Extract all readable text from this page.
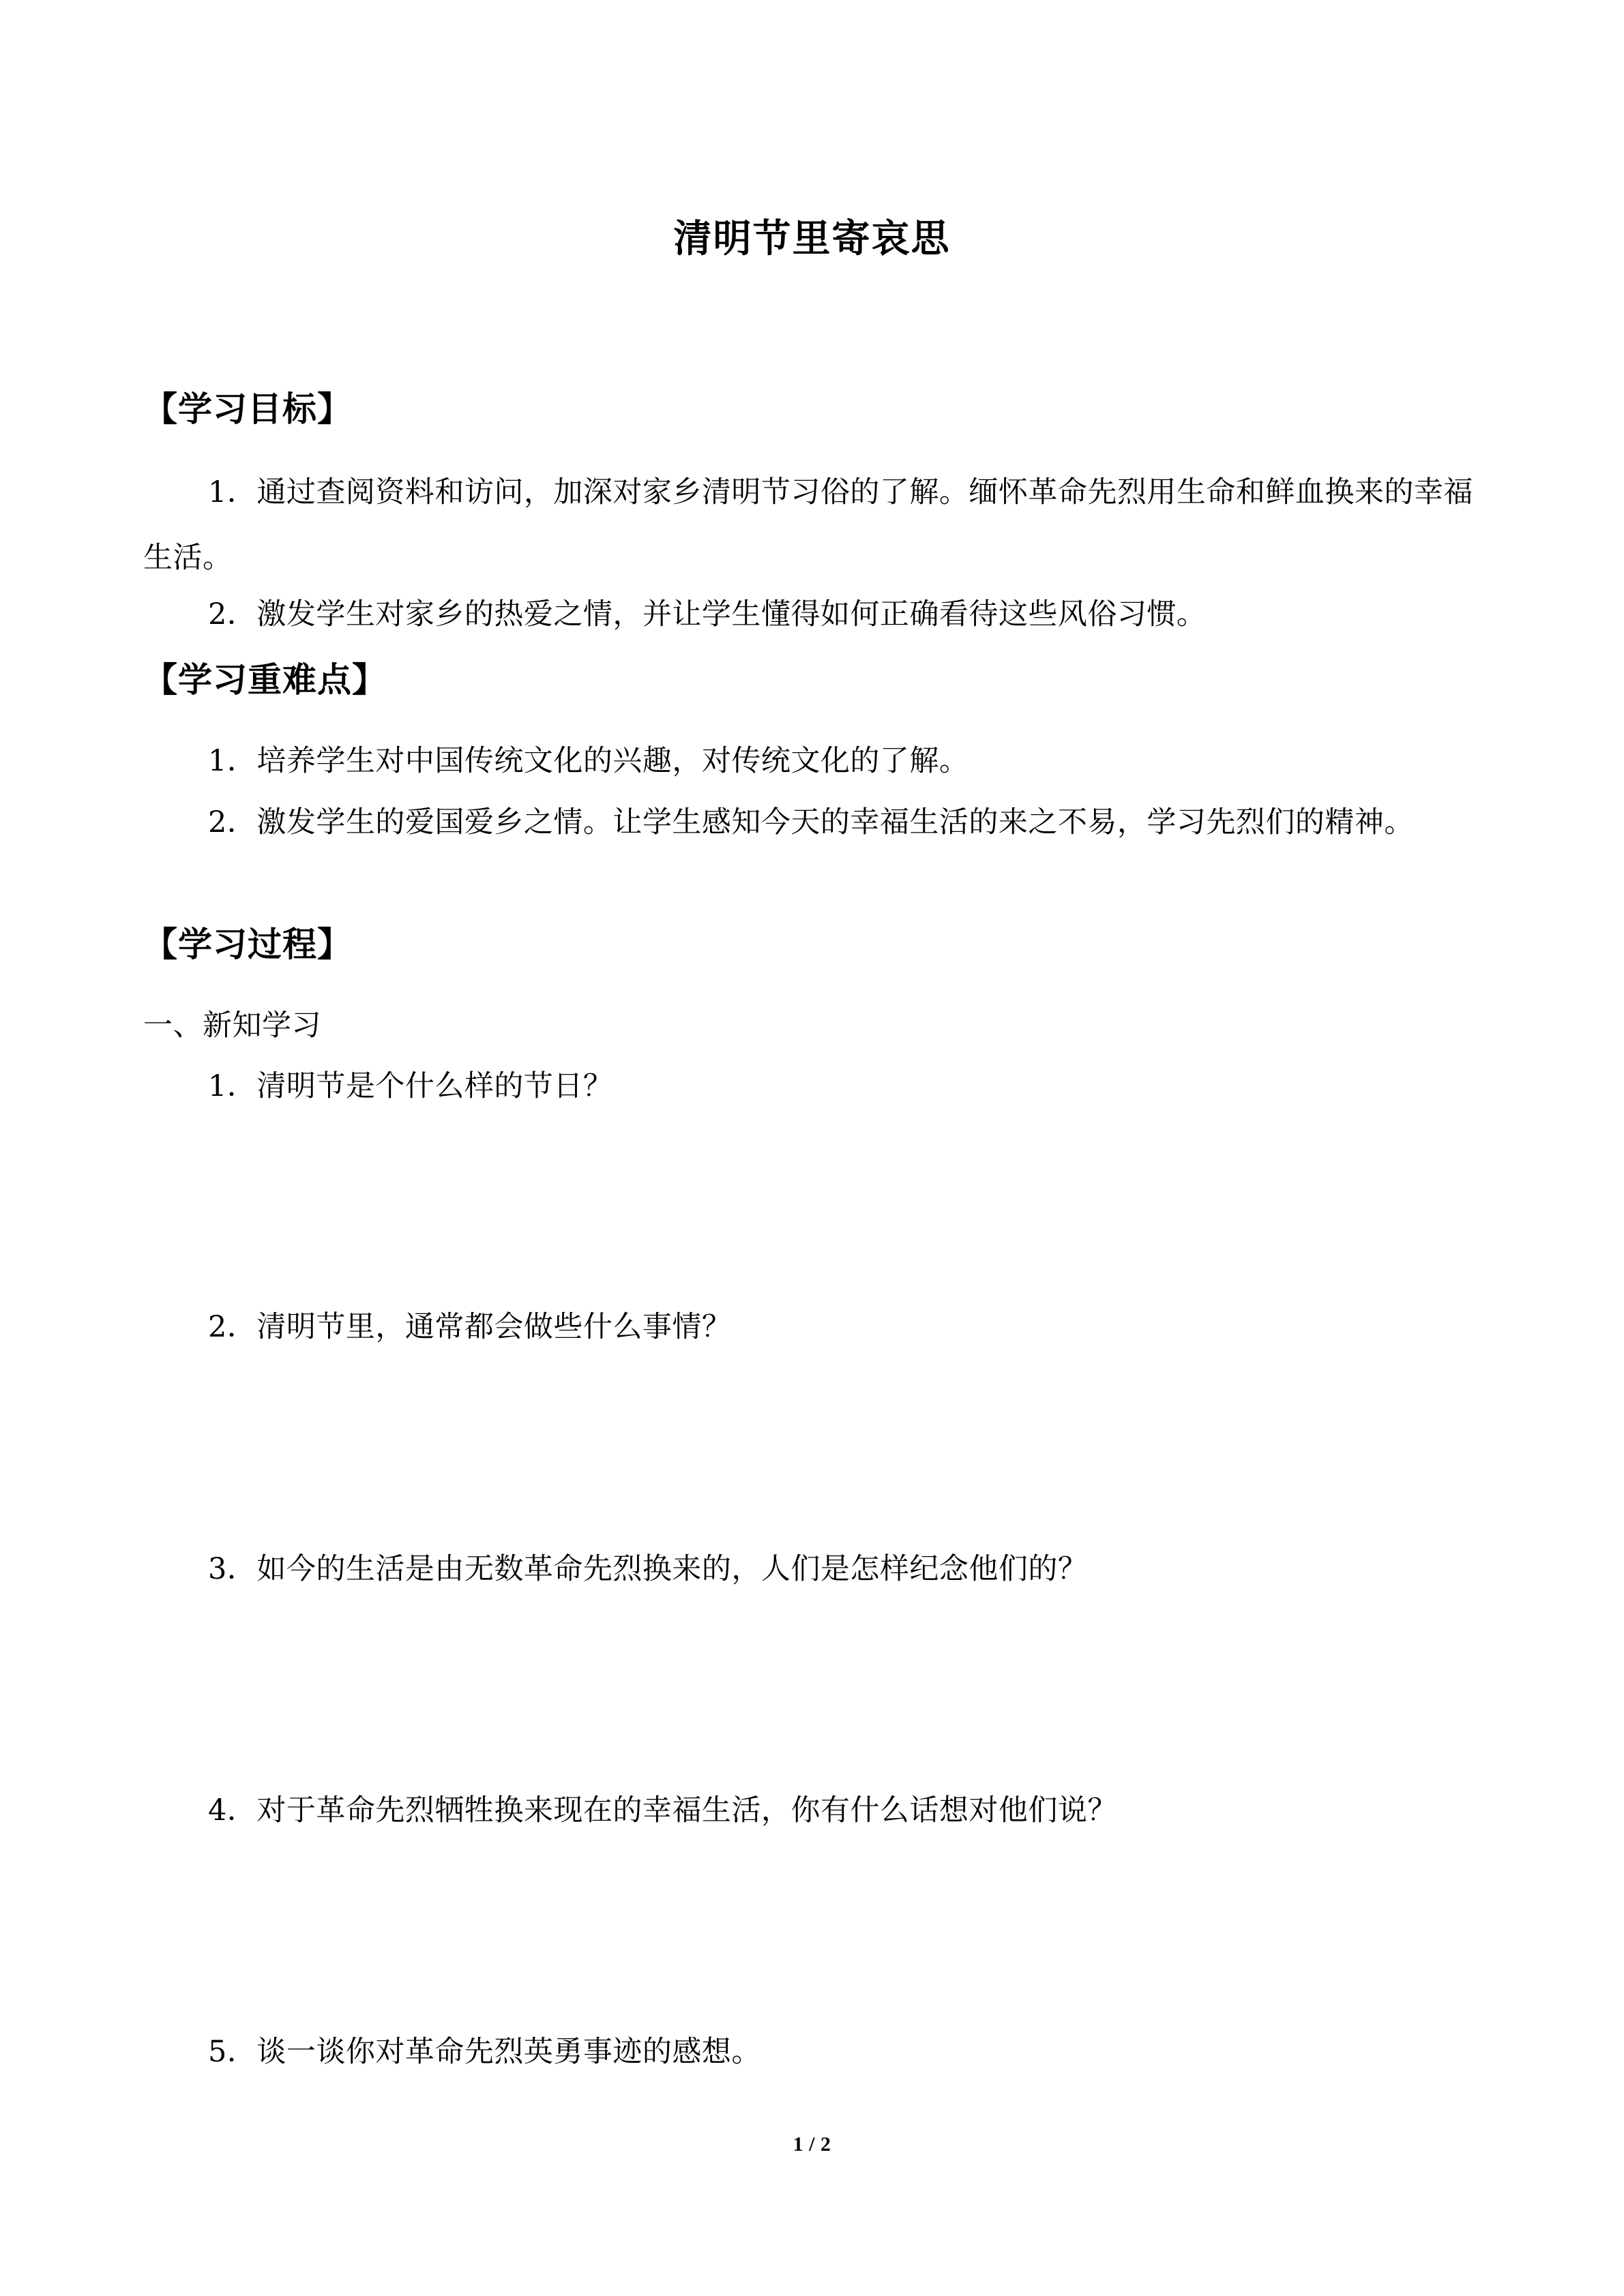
清明节里寄哀思
【学习目标】
1．通过查阅资料和访问，加深对家乡清明节习俗的了解。缅怀革命先烈用生命和鲜血换来的幸福生活。
2．激发学生对家乡的热爱之情，并让学生懂得如何正确看待这些风俗习惯。
【学习重难点】
1．培养学生对中国传统文化的兴趣，对传统文化的了解。
2．激发学生的爱国爱乡之情。让学生感知今天的幸福生活的来之不易，学习先烈们的精神。
【学习过程】
一、新知学习
1．清明节是个什么样的节日？
2．清明节里，通常都会做些什么事情？
3．如今的生活是由无数革命先烈换来的，人们是怎样纪念他们的？
4．对于革命先烈牺牲换来现在的幸福生活，你有什么话想对他们说？
5．谈一谈你对革命先烈英勇事迹的感想。
1 / 2
